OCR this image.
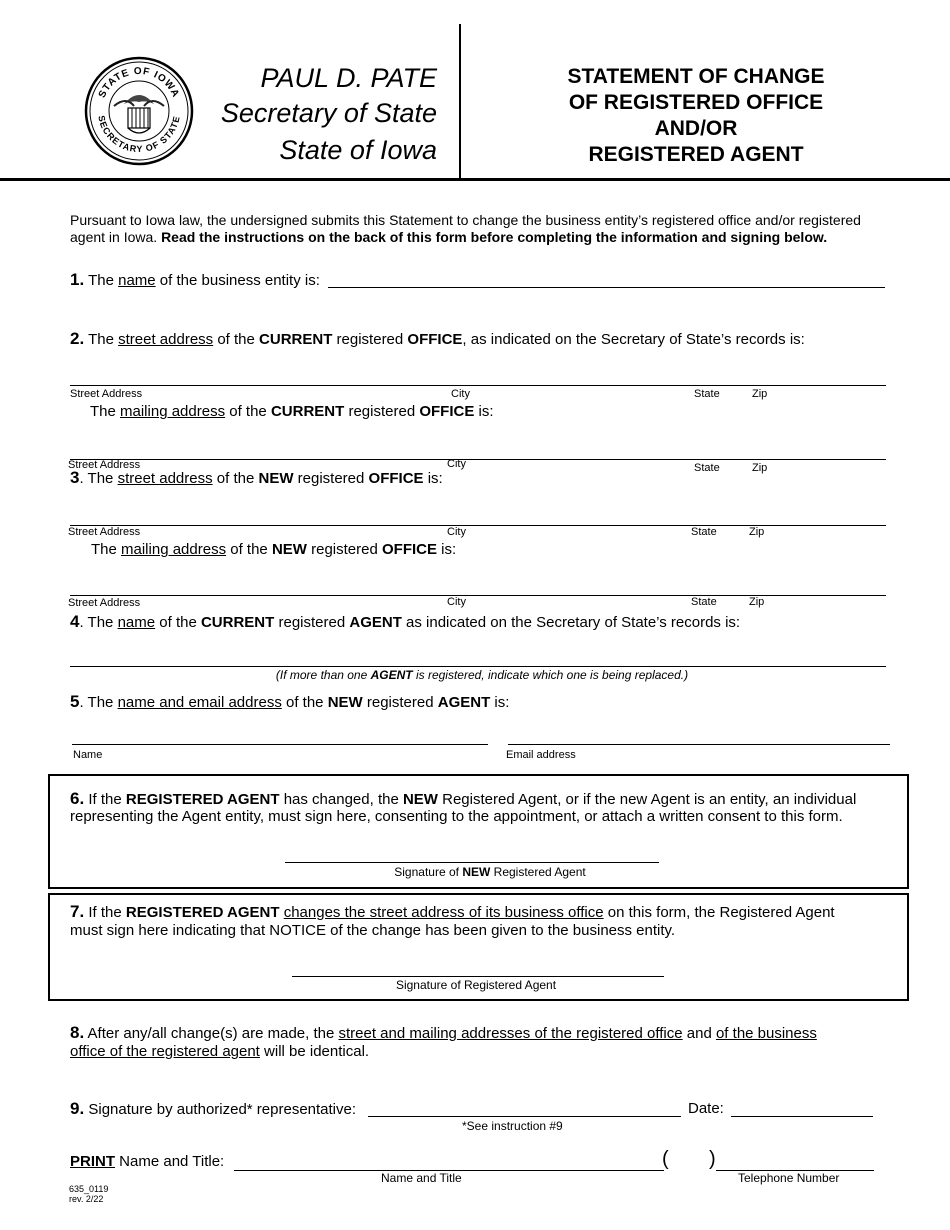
STATE OF IOWA
SECRETARY OF STATE
PAUL D. PATE
Secretary of State
State of Iowa
STATEMENT OF CHANGE
OF REGISTERED OFFICE
AND/OR
REGISTERED AGENT
Pursuant to Iowa law, the undersigned submits this Statement to change the business entity’s registered office and/or registered
agent in Iowa. Read the instructions on the back of this form before completing the information and signing below.
1. The name of the business entity is:
2. The street address of the CURRENT registered OFFICE, as indicated on the Secretary of State’s records is:
Street Address	City	State	Zip
The mailing address of the CURRENT registered OFFICE is:
Street Address	City	State	Zip
3. The street address of the NEW registered OFFICE is:
Street Address	City	State	Zip
The mailing address of the NEW registered OFFICE is:
Street Address	City	State	Zip
4. The name of the CURRENT registered AGENT as indicated on the Secretary of State’s records is:
(If more than one AGENT is registered, indicate which one is being replaced.)
5. The name and email address of the NEW registered AGENT is:
Name	Email address
6. If the REGISTERED AGENT has changed, the NEW Registered Agent, or if the new Agent is an entity, an individual
representing the Agent entity, must sign here, consenting to the appointment, or attach a written consent to this form.
Signature of NEW Registered Agent
7. If the REGISTERED AGENT changes the street address of its business office on this form, the Registered Agent
must sign here indicating that NOTICE of the change has been given to the business entity.
Signature of Registered Agent
8. After any/all change(s) are made, the street and mailing addresses of the registered office and of the business
office of the registered agent will be identical.
9. Signature by authorized* representative:	Date:
*See instruction #9
PRINT Name and Title:	( )
Name and Title	Telephone Number
635_0119
rev. 2/22
